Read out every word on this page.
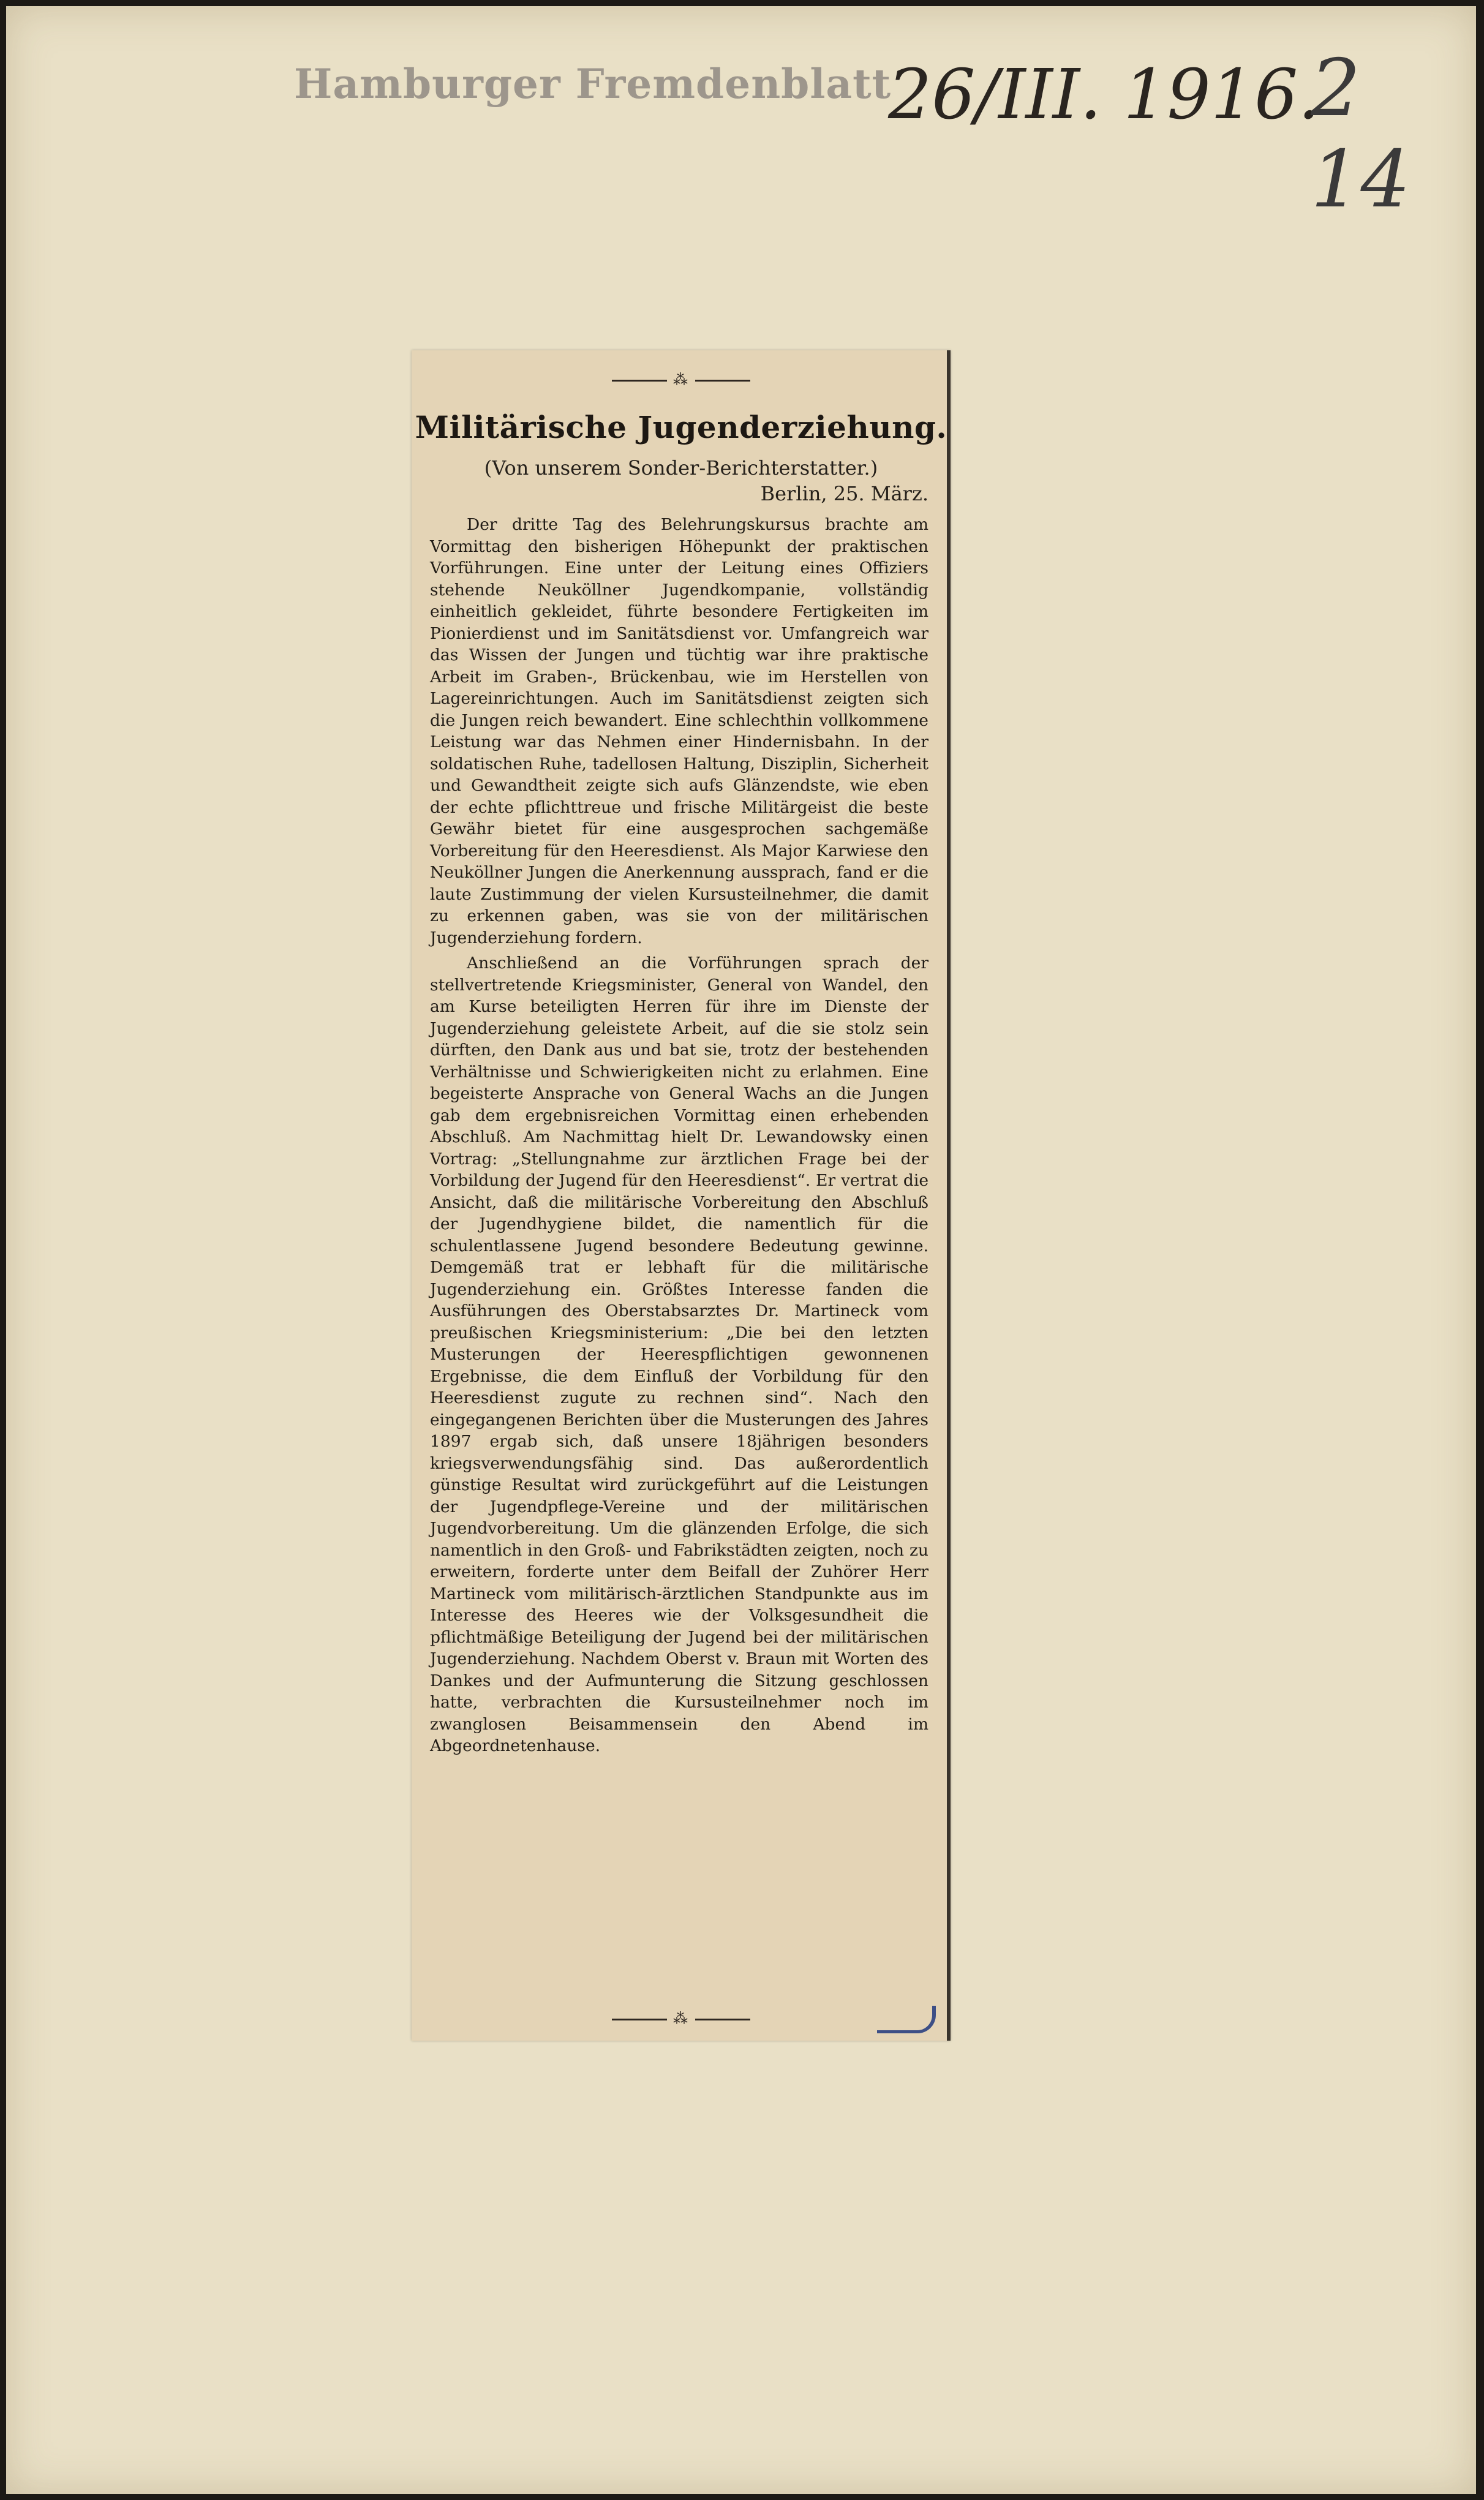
Hamburger Fremdenblatt
26/III. 1916.
2 14
⁂
Militärische Jugenderziehung.
(Von unserem Sonder-Berichterstatter.)
Berlin, 25. März.

Der dritte Tag des Belehrungskursus brachte am Vormittag den bisherigen Höhepunkt der praktischen Vorführungen. Eine unter der Leitung eines Offiziers stehende Neuköllner Jugendkompanie, vollständig einheitlich gekleidet, führte besondere Fertigkeiten im Pionierdienst und im Sanitätsdienst vor. Umfangreich war das Wissen der Jungen und tüchtig war ihre praktische Arbeit im Graben-, Brückenbau, wie im Herstellen von Lagereinrichtungen. Auch im Sanitätsdienst zeigten sich die Jungen reich bewandert. Eine schlechthin vollkommene Leistung war das Nehmen einer Hindernisbahn. In der soldatischen Ruhe, tadellosen Haltung, Disziplin, Sicherheit und Gewandtheit zeigte sich aufs Glänzendste, wie eben der echte pflichttreue und frische Militärgeist die beste Gewähr bietet für eine ausgesprochen sachgemäße Vorbereitung für den Heeresdienst. Als Major Karwiese den Neuköllner Jungen die Anerkennung aussprach, fand er die laute Zustimmung der vielen Kursusteilnehmer, die damit zu erkennen gaben, was sie von der militärischen Jugenderziehung fordern.

Anschließend an die Vorführungen sprach der stellvertretende Kriegsminister, General von Wandel, den am Kurse beteiligten Herren für ihre im Dienste der Jugenderziehung geleistete Arbeit, auf die sie stolz sein dürften, den Dank aus und bat sie, trotz der bestehenden Verhältnisse und Schwierigkeiten nicht zu erlahmen. Eine begeisterte Ansprache von General Wachs an die Jungen gab dem ergebnisreichen Vormittag einen erhebenden Abschluß. Am Nachmittag hielt Dr. Lewandowsky einen Vortrag: „Stellungnahme zur ärztlichen Frage bei der Vorbildung der Jugend für den Heeresdienst“. Er vertrat die Ansicht, daß die militärische Vorbereitung den Abschluß der Jugendhygiene bildet, die namentlich für die schulentlassene Jugend besondere Bedeutung gewinne. Demgemäß trat er lebhaft für die militärische Jugenderziehung ein. Größtes Interesse fanden die Ausführungen des Oberstabsarztes Dr. Martineck vom preußischen Kriegsministerium: „Die bei den letzten Musterungen der Heerespflichtigen gewonnenen Ergebnisse, die dem Einfluß der Vorbildung für den Heeresdienst zugute zu rechnen sind“. Nach den eingegangenen Berichten über die Musterungen des Jahres 1897 ergab sich, daß unsere 18jährigen besonders kriegsverwendungsfähig sind. Das außerordentlich günstige Resultat wird zurückgeführt auf die Leistungen der Jugendpflege-Vereine und der militärischen Jugendvorbereitung. Um die glänzenden Erfolge, die sich namentlich in den Groß- und Fabrikstädten zeigten, noch zu erweitern, forderte unter dem Beifall der Zuhörer Herr Martineck vom militärisch-ärztlichen Standpunkte aus im Interesse des Heeres wie der Volksgesundheit die pflichtmäßige Beteiligung der Jugend bei der militärischen Jugenderziehung. Nachdem Oberst v. Braun mit Worten des Dankes und der Aufmunterung die Sitzung geschlossen hatte, verbrachten die Kursusteilnehmer noch im zwanglosen Beisammensein den Abend im Abgeordnetenhause.

⁂
